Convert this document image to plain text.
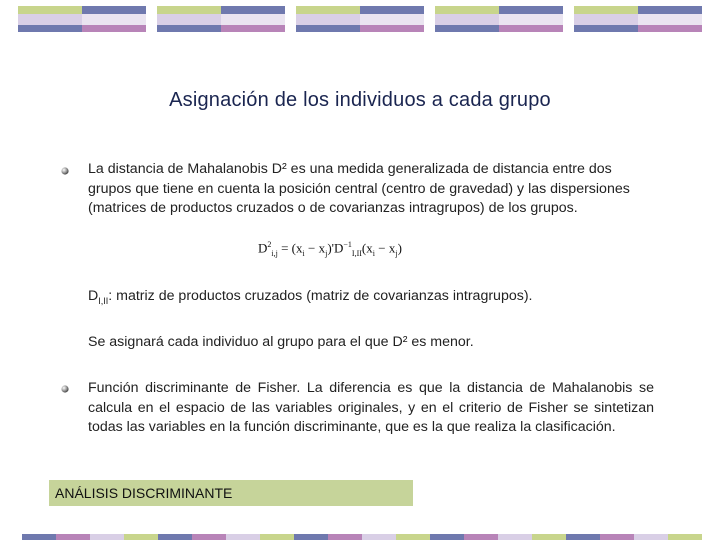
Asignación de los individuos a cada grupo
La distancia de Mahalanobis D² es una medida generalizada de distancia entre dos grupos que tiene en cuenta la posición central (centro de gravedad) y las dispersiones (matrices de productos cruzados o de covarianzas intragrupos) de los grupos.
$D^2_{i,j} = (x_i - x_j)'D^{-1}_{I,II}(x_i - x_j)$
$D_{I,II}$: matriz de productos cruzados (matriz de covarianzas intragrupos).
Se asignará cada individuo al grupo para el que D² es menor.
Función discriminante de Fisher. La diferencia es que la distancia de Mahalanobis se calcula en el espacio de las variables originales, y en el criterio de Fisher se sintetizan todas las variables en la función discriminante, que es la que realiza la clasificación.
ANÁLISIS DISCRIMINANTE
